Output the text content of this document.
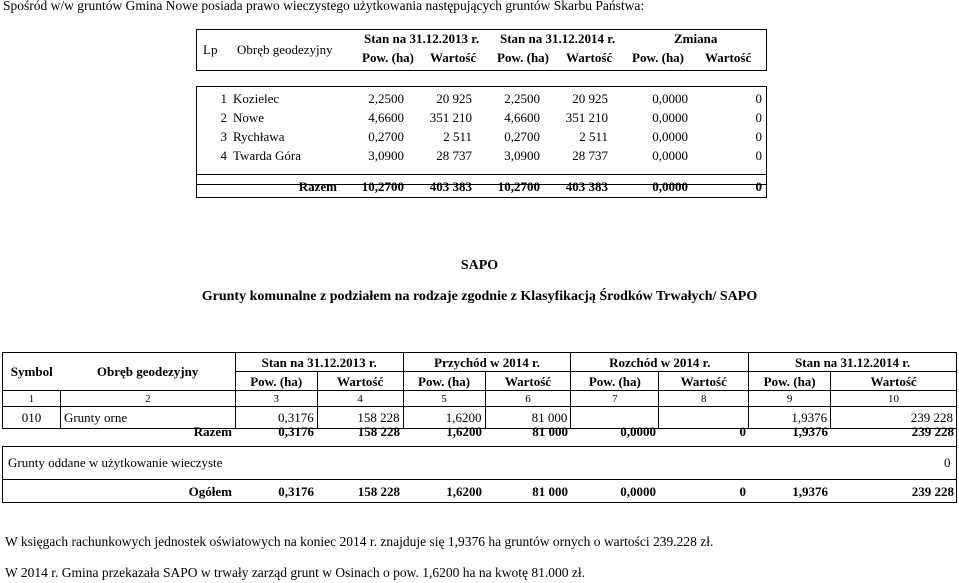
Spośród w/w gruntów Gmina Nowe posiada prawo wieczystego użytkowania następujących gruntów Skarbu Państwa:
Lp Obręb geodezyjny
Stan na 31.12.2013 r. Stan na 31.12.2014 r.	Zmiana
Pow. (ha) Wartość Pow. (ha) Wartość Pow. (ha) Wartość
1	Kozielec	2,2500	20 925	2,2500	20 925	0,0000	0
2	Nowe	4,6600	351 210	4,6600	351 210	0,0000	0
3	Rychława	0,2700	2 511	0,2700	2 511	0,0000	0
4	Twarda Góra	3,0900	28 737	3,0900	28 737	0,0000	0
Razem	10,2700	403 383	10,2700	403 383	0,0000	0
SAPO
Grunty komunalne z podziałem na rodzaje zgodnie z Klasyfikacją Środków Trwałych/ SAPO
Symbol	Obręb geodezyjny	Stan na 31.12.2013 r.		Przychód w 2014 r.		Rozchód w 2014 r.		Stan na 31.12.2014 r.	
		Pow. (ha)	Wartość	Pow. (ha)	Wartość	Pow. (ha)	Wartość	Pow. (ha)	Wartość
1	2	3	4	5	6	7	8	9	10
010	Grunty orne	0,3176	158 228	1,6200	81 000			1,9376	239 228
Razem	0,3176	158 228	1,6200	81 000	0,0000	0	1,9376	239 228
Grunty oddane w użytkowanie wieczyste	0
Ogółem	0,3176	158 228	1,6200	81 000	0,0000	0	1,9376	239 228
W księgach rachunkowych jednostek oświatowych na koniec 2014 r. znajduje się 1,9376 ha gruntów ornych o wartości 239.228 zł.
W 2014 r. Gmina przekazała SAPO w trwały zarząd grunt w Osinach o pow. 1,6200 ha na kwotę 81.000 zł.
